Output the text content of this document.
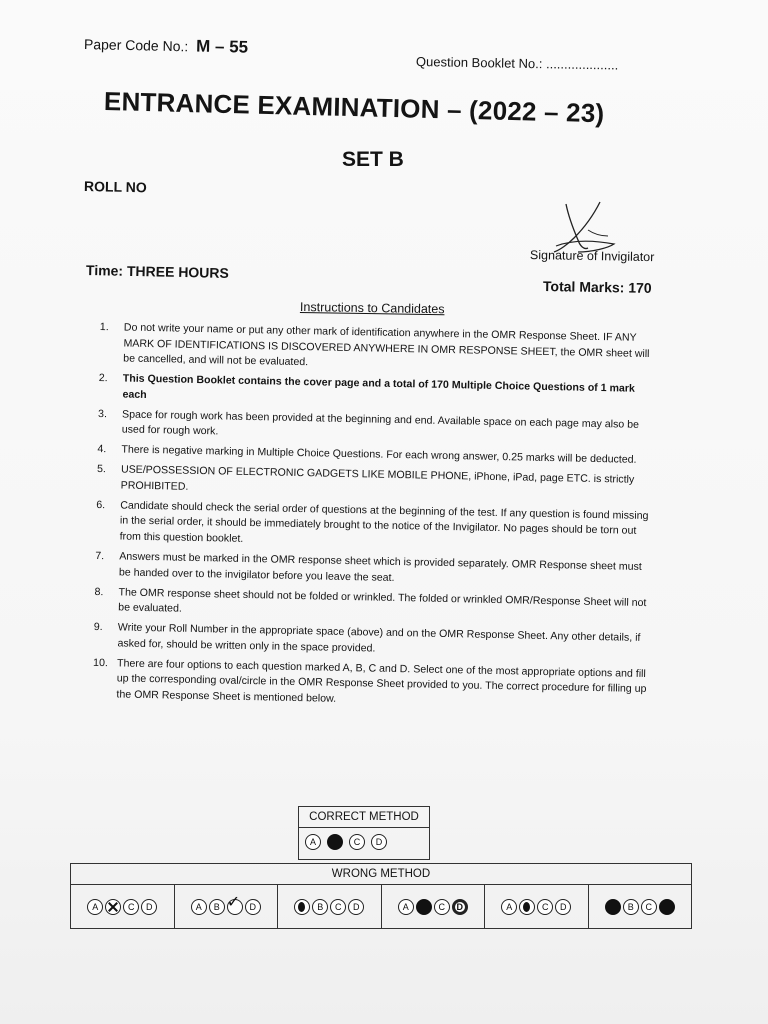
Paper Code No.: M – 55
Question Booklet No.: ....................
ENTRANCE EXAMINATION – (2022 – 23)
SET B
ROLL NO
Signature of Invigilator
Time: THREE HOURS
Total Marks: 170
Instructions to Candidates
1.	Do not write your name or put any other mark of identification anywhere in the OMR Response Sheet. IF ANY MARK OF IDENTIFICATIONS IS DISCOVERED ANYWHERE IN OMR RESPONSE SHEET, the OMR sheet will be cancelled, and will not be evaluated.
2.	This Question Booklet contains the cover page and a total of 170 Multiple Choice Questions of 1 mark each
3.	Space for rough work has been provided at the beginning and end. Available space on each page may also be used for rough work.
4.	There is negative marking in Multiple Choice Questions. For each wrong answer, 0.25 marks will be deducted.
5.	USE/POSSESSION OF ELECTRONIC GADGETS LIKE MOBILE PHONE, iPhone, iPad, page ETC. is strictly PROHIBITED.
6.	Candidate should check the serial order of questions at the beginning of the test. If any question is found missing in the serial order, it should be immediately brought to the notice of the Invigilator. No pages should be torn out from this question booklet.
7.	Answers must be marked in the OMR response sheet which is provided separately. OMR Response sheet must be handed over to the invigilator before you leave the seat.
8.	The OMR response sheet should not be folded or wrinkled. The folded or wrinkled OMR/Response Sheet will not be evaluated.
9.	Write your Roll Number in the appropriate space (above) and on the OMR Response Sheet. Any other details, if asked for, should be written only in the space provided.
10. There are four options to each question marked A, B, C and D. Select one of the most appropriate options and fill up the corresponding oval/circle in the OMR Response Sheet provided to you. The correct procedure for filling up the OMR Response Sheet is mentioned below.
CORRECT METHOD
A	C	D
WRONG METHOD
A	C	D	A	B ✓	D	B	C	D	A	C	D	A	C	D	B	C
